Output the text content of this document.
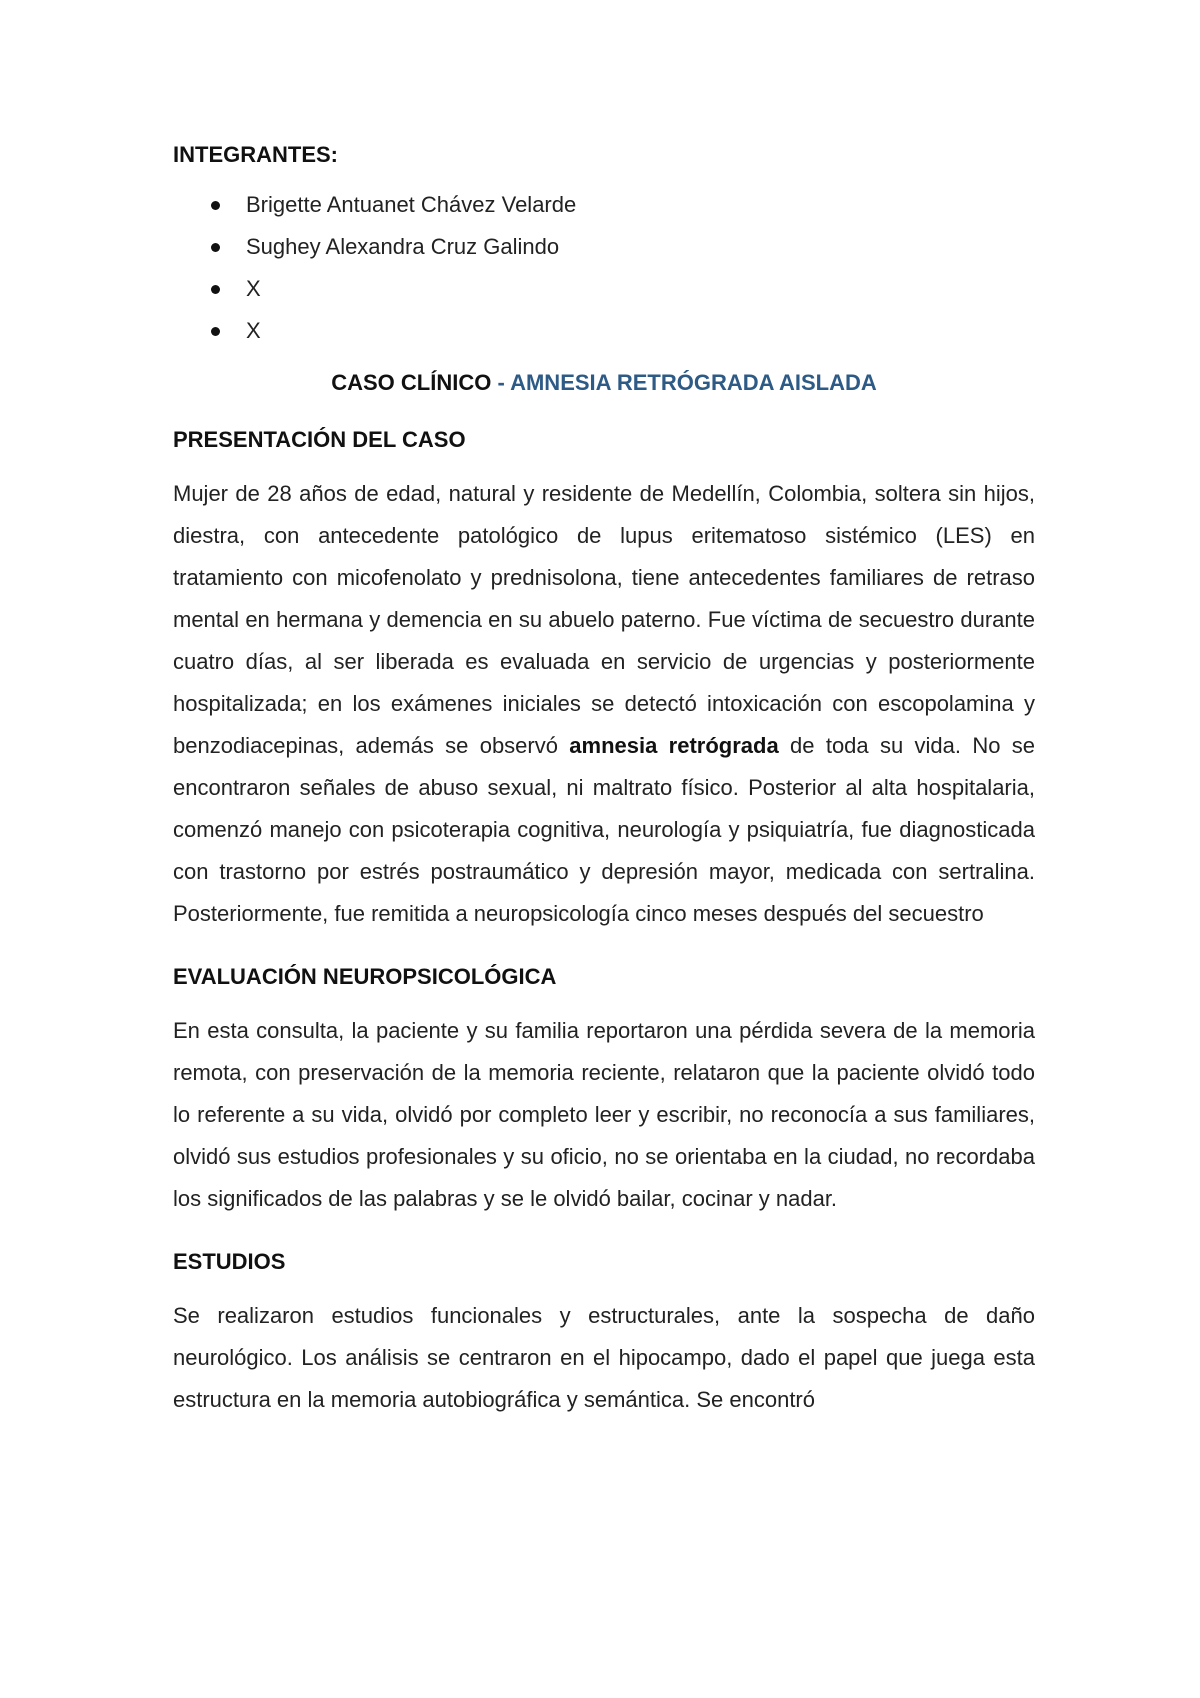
INTEGRANTES:

Brigette Antuanet Chávez Velarde
Sughey Alexandra Cruz Galindo
X
X

CASO CLÍNICO - AMNESIA RETRÓGRADA AISLADA

PRESENTACIÓN DEL CASO

Mujer de 28 años de edad, natural y residente de Medellín, Colombia, soltera sin hijos, diestra, con antecedente patológico de lupus eritematoso sistémico (LES) en tratamiento con micofenolato y prednisolona, tiene antecedentes familiares de retraso mental en hermana y demencia en su abuelo paterno. Fue víctima de secuestro durante cuatro días, al ser liberada es evaluada en servicio de urgencias y posteriormente hospitalizada; en los exámenes iniciales se detectó intoxicación con escopolamina y benzodiacepinas, además se observó amnesia retrógrada de toda su vida. No se encontraron señales de abuso sexual, ni maltrato físico. Posterior al alta hospitalaria, comenzó manejo con psicoterapia cognitiva, neurología y psiquiatría, fue diagnosticada con trastorno por estrés postraumático y depresión mayor, medicada con sertralina. Posteriormente, fue remitida a neuropsicología cinco meses después del secuestro

EVALUACIÓN NEUROPSICOLÓGICA

En esta consulta, la paciente y su familia reportaron una pérdida severa de la memoria remota, con preservación de la memoria reciente, relataron que la paciente olvidó todo lo referente a su vida, olvidó por completo leer y escribir, no reconocía a sus familiares, olvidó sus estudios profesionales y su oficio, no se orientaba en la ciudad, no recordaba los significados de las palabras y se le olvidó bailar, cocinar y nadar.

ESTUDIOS

Se realizaron estudios funcionales y estructurales, ante la sospecha de daño neurológico. Los análisis se centraron en el hipocampo, dado el papel que juega esta estructura en la memoria autobiográfica y semántica. Se encontró
